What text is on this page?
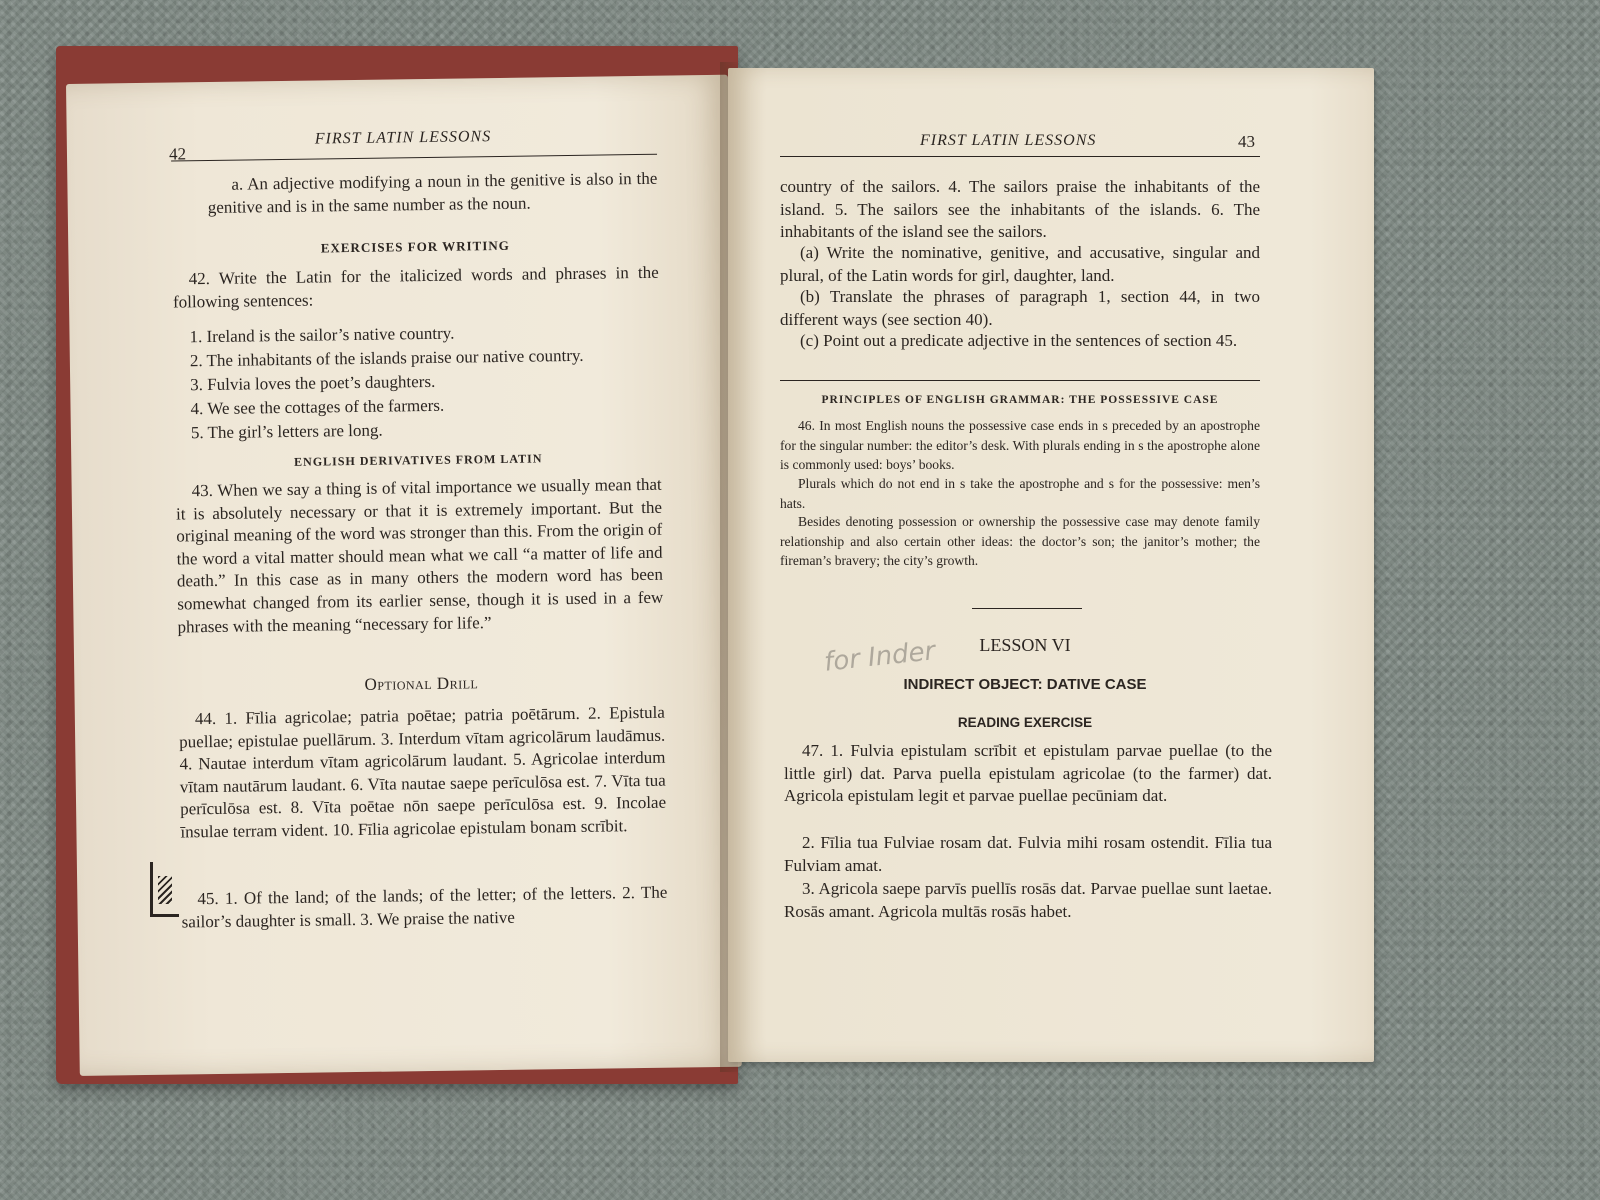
42
FIRST LATIN LESSONS
a. An adjective modifying a noun in the genitive is also in the genitive and is in the same number as the noun.
EXERCISES FOR WRITING
42. Write the Latin for the italicized words and phrases in the following sentences:
1. Ireland is the sailor’s native country.
2. The inhabitants of the islands praise our native country.
3. Fulvia loves the poet’s daughters.
4. We see the cottages of the farmers.
5. The girl’s letters are long.
ENGLISH DERIVATIVES FROM LATIN
43. When we say a thing is of vital importance we usually mean that it is absolutely necessary or that it is extremely important. But the original meaning of the word was stronger than this. From the origin of the word a vital matter should mean what we call “a matter of life and death.” In this case as in many others the modern word has been somewhat changed from its earlier sense, though it is used in a few phrases with the meaning “necessary for life.”
Optional Drill
44. 1. Fīlia agricolae; patria poētae; patria poētārum. 2. Epistula puellae; epistulae puellārum. 3. Interdum vītam agricolārum laudāmus. 4. Nautae interdum vītam agricolārum laudant. 5. Agricolae interdum vītam nautārum laudant. 6. Vīta nautae saepe perīculōsa est. 7. Vīta tua perīculōsa est. 8. Vīta poētae nōn saepe perīculōsa est. 9. Incolae īnsulae terram vident. 10. Fīlia agricolae epistulam bonam scrībit.
45. 1. Of the land; of the lands; of the letter; of the letters. 2. The sailor’s daughter is small. 3. We praise the native
FIRST LATIN LESSONS	43
country of the sailors. 4. The sailors praise the inhabitants of the island. 5. The sailors see the inhabitants of the islands. 6. The inhabitants of the island see the sailors.
(a) Write the nominative, genitive, and accusative, singular and plural, of the Latin words for girl, daughter, land.
(b) Translate the phrases of paragraph 1, section 44, in two different ways (see section 40).
(c) Point out a predicate adjective in the sentences of section 45.
PRINCIPLES OF ENGLISH GRAMMAR: THE POSSESSIVE CASE
46. In most English nouns the possessive case ends in s preceded by an apostrophe for the singular number: the editor’s desk. With plurals ending in s the apostrophe alone is commonly used: boys’ books.
Plurals which do not end in s take the apostrophe and s for the possessive: men’s hats.
Besides denoting possession or ownership the possessive case may denote family relationship and also certain other ideas: the doctor’s son; the janitor’s mother; the fireman’s bravery; the city’s growth.
for Inder	LESSON VI
INDIRECT OBJECT: DATIVE CASE
READING EXERCISE
47. 1. Fulvia epistulam scrībit et epistulam parvae puellae (to the little girl) dat. Parva puella epistulam agricolae (to the farmer) dat. Agricola epistulam legit et parvae puellae pecūniam dat.
2. Fīlia tua Fulviae rosam dat. Fulvia mihi rosam ostendit. Fīlia tua Fulviam amat.
3. Agricola saepe parvīs puellīs rosās dat. Parvae puellae sunt laetae. Rosās amant. Agricola multās rosās habet.
